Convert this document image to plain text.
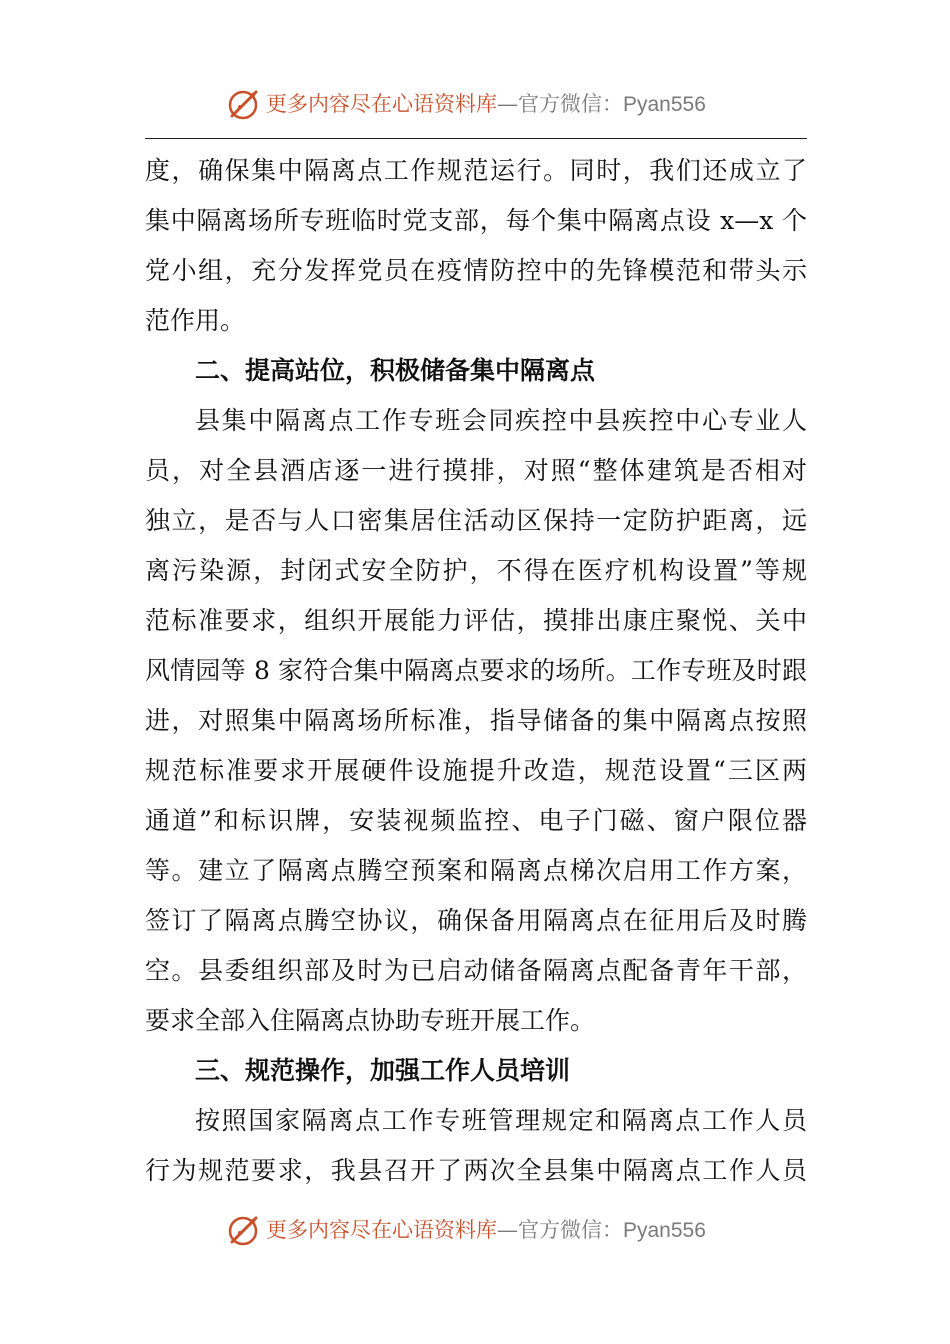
更多内容尽在心语资料库—官方微信：Pyan556
度，确保集中隔离点工作规范运行。同时，我们还成立了
集中隔离场所专班临时党支部，每个集中隔离点设 x—x 个
党小组，充分发挥党员在疫情防控中的先锋模范和带头示
范作用。
二、提高站位，积极储备集中隔离点
县集中隔离点工作专班会同疾控中县疾控中心专业人
员，对全县酒店逐一进行摸排，对照“整体建筑是否相对
独立，是否与人口密集居住活动区保持一定防护距离，远
离污染源，封闭式安全防护，不得在医疗机构设置”等规
范标准要求，组织开展能力评估，摸排出康庄聚悦、关中
风情园等 8 家符合集中隔离点要求的场所。工作专班及时跟
进，对照集中隔离场所标准，指导储备的集中隔离点按照
规范标准要求开展硬件设施提升改造，规范设置“三区两
通道”和标识牌，安装视频监控、电子门磁、窗户限位器
等。建立了隔离点腾空预案和隔离点梯次启用工作方案，
签订了隔离点腾空协议，确保备用隔离点在征用后及时腾
空。县委组织部及时为已启动储备隔离点配备青年干部，
要求全部入住隔离点协助专班开展工作。
三、规范操作，加强工作人员培训
按照国家隔离点工作专班管理规定和隔离点工作人员
行为规范要求，我县召开了两次全县集中隔离点工作人员
更多内容尽在心语资料库—官方微信：Pyan556
